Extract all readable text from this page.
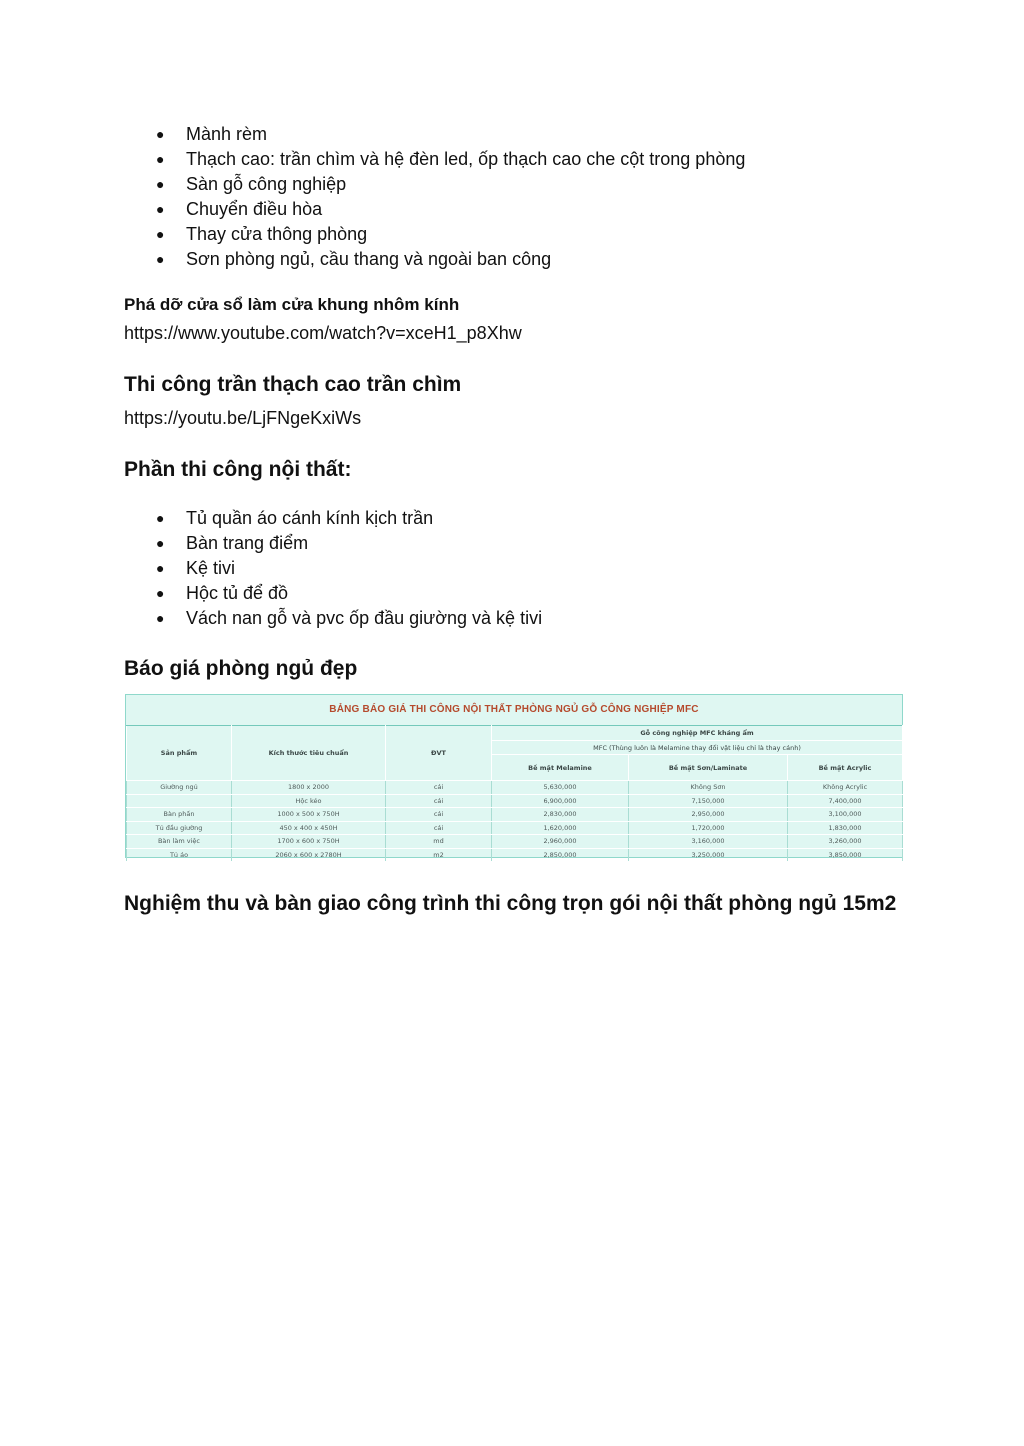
● Mành rèm
● Thạch cao: trần chìm và hệ đèn led, ốp thạch cao che cột trong phòng
● Sàn gỗ công nghiệp
● Chuyển điều hòa
● Thay cửa thông phòng
● Sơn phòng ngủ, cầu thang và ngoài ban công
Phá dỡ cửa sổ làm cửa khung nhôm kính
https://www.youtube.com/watch?v=xceH1_p8Xhw
Thi công trần thạch cao trần chìm
https://youtu.be/LjFNgeKxiWs
Phần thi công nội thất:
● Tủ quần áo cánh kính kịch trần
● Bàn trang điểm
● Kệ tivi
● Hộc tủ để đồ
● Vách nan gỗ và pvc ốp đầu giường và kệ tivi
Báo giá phòng ngủ đẹp
BẢNG BÁO GIÁ THI CÔNG NỘI THẤT PHÒNG NGỦ GỖ CÔNG NGHIỆP MFC
Sản phẩm	Kích thước tiêu chuẩn	ĐVT	Gỗ công nghiệp MFC kháng ẩm		
			MFC (Thùng luôn là Melamine thay đổi vật liệu chỉ là thay cánh)		
			Bề mặt Melamine	Bề mặt Sơn/Laminate	Bề mặt Acrylic
Giường ngủ	1800 x 2000	cái	5,630,000	Không Sơn	Không Acrylic
	Hộc kéo	cái	6,900,000	7,150,000	7,400,000
Bàn phấn	1000 x 500 x 750H	cái	2,830,000	2,950,000	3,100,000
Tủ đầu giường	450 x 400 x 450H	cái	1,620,000	1,720,000	1,830,000
Bàn làm việc	1700 x 600 x 750H	md	2,960,000	3,160,000	3,260,000
Tủ áo	2060 x 600 x 2780H	m2	2,850,000	3,250,000	3,850,000
Nghiệm thu và bàn giao công trình thi công trọn gói nội thất phòng ngủ 15m2
